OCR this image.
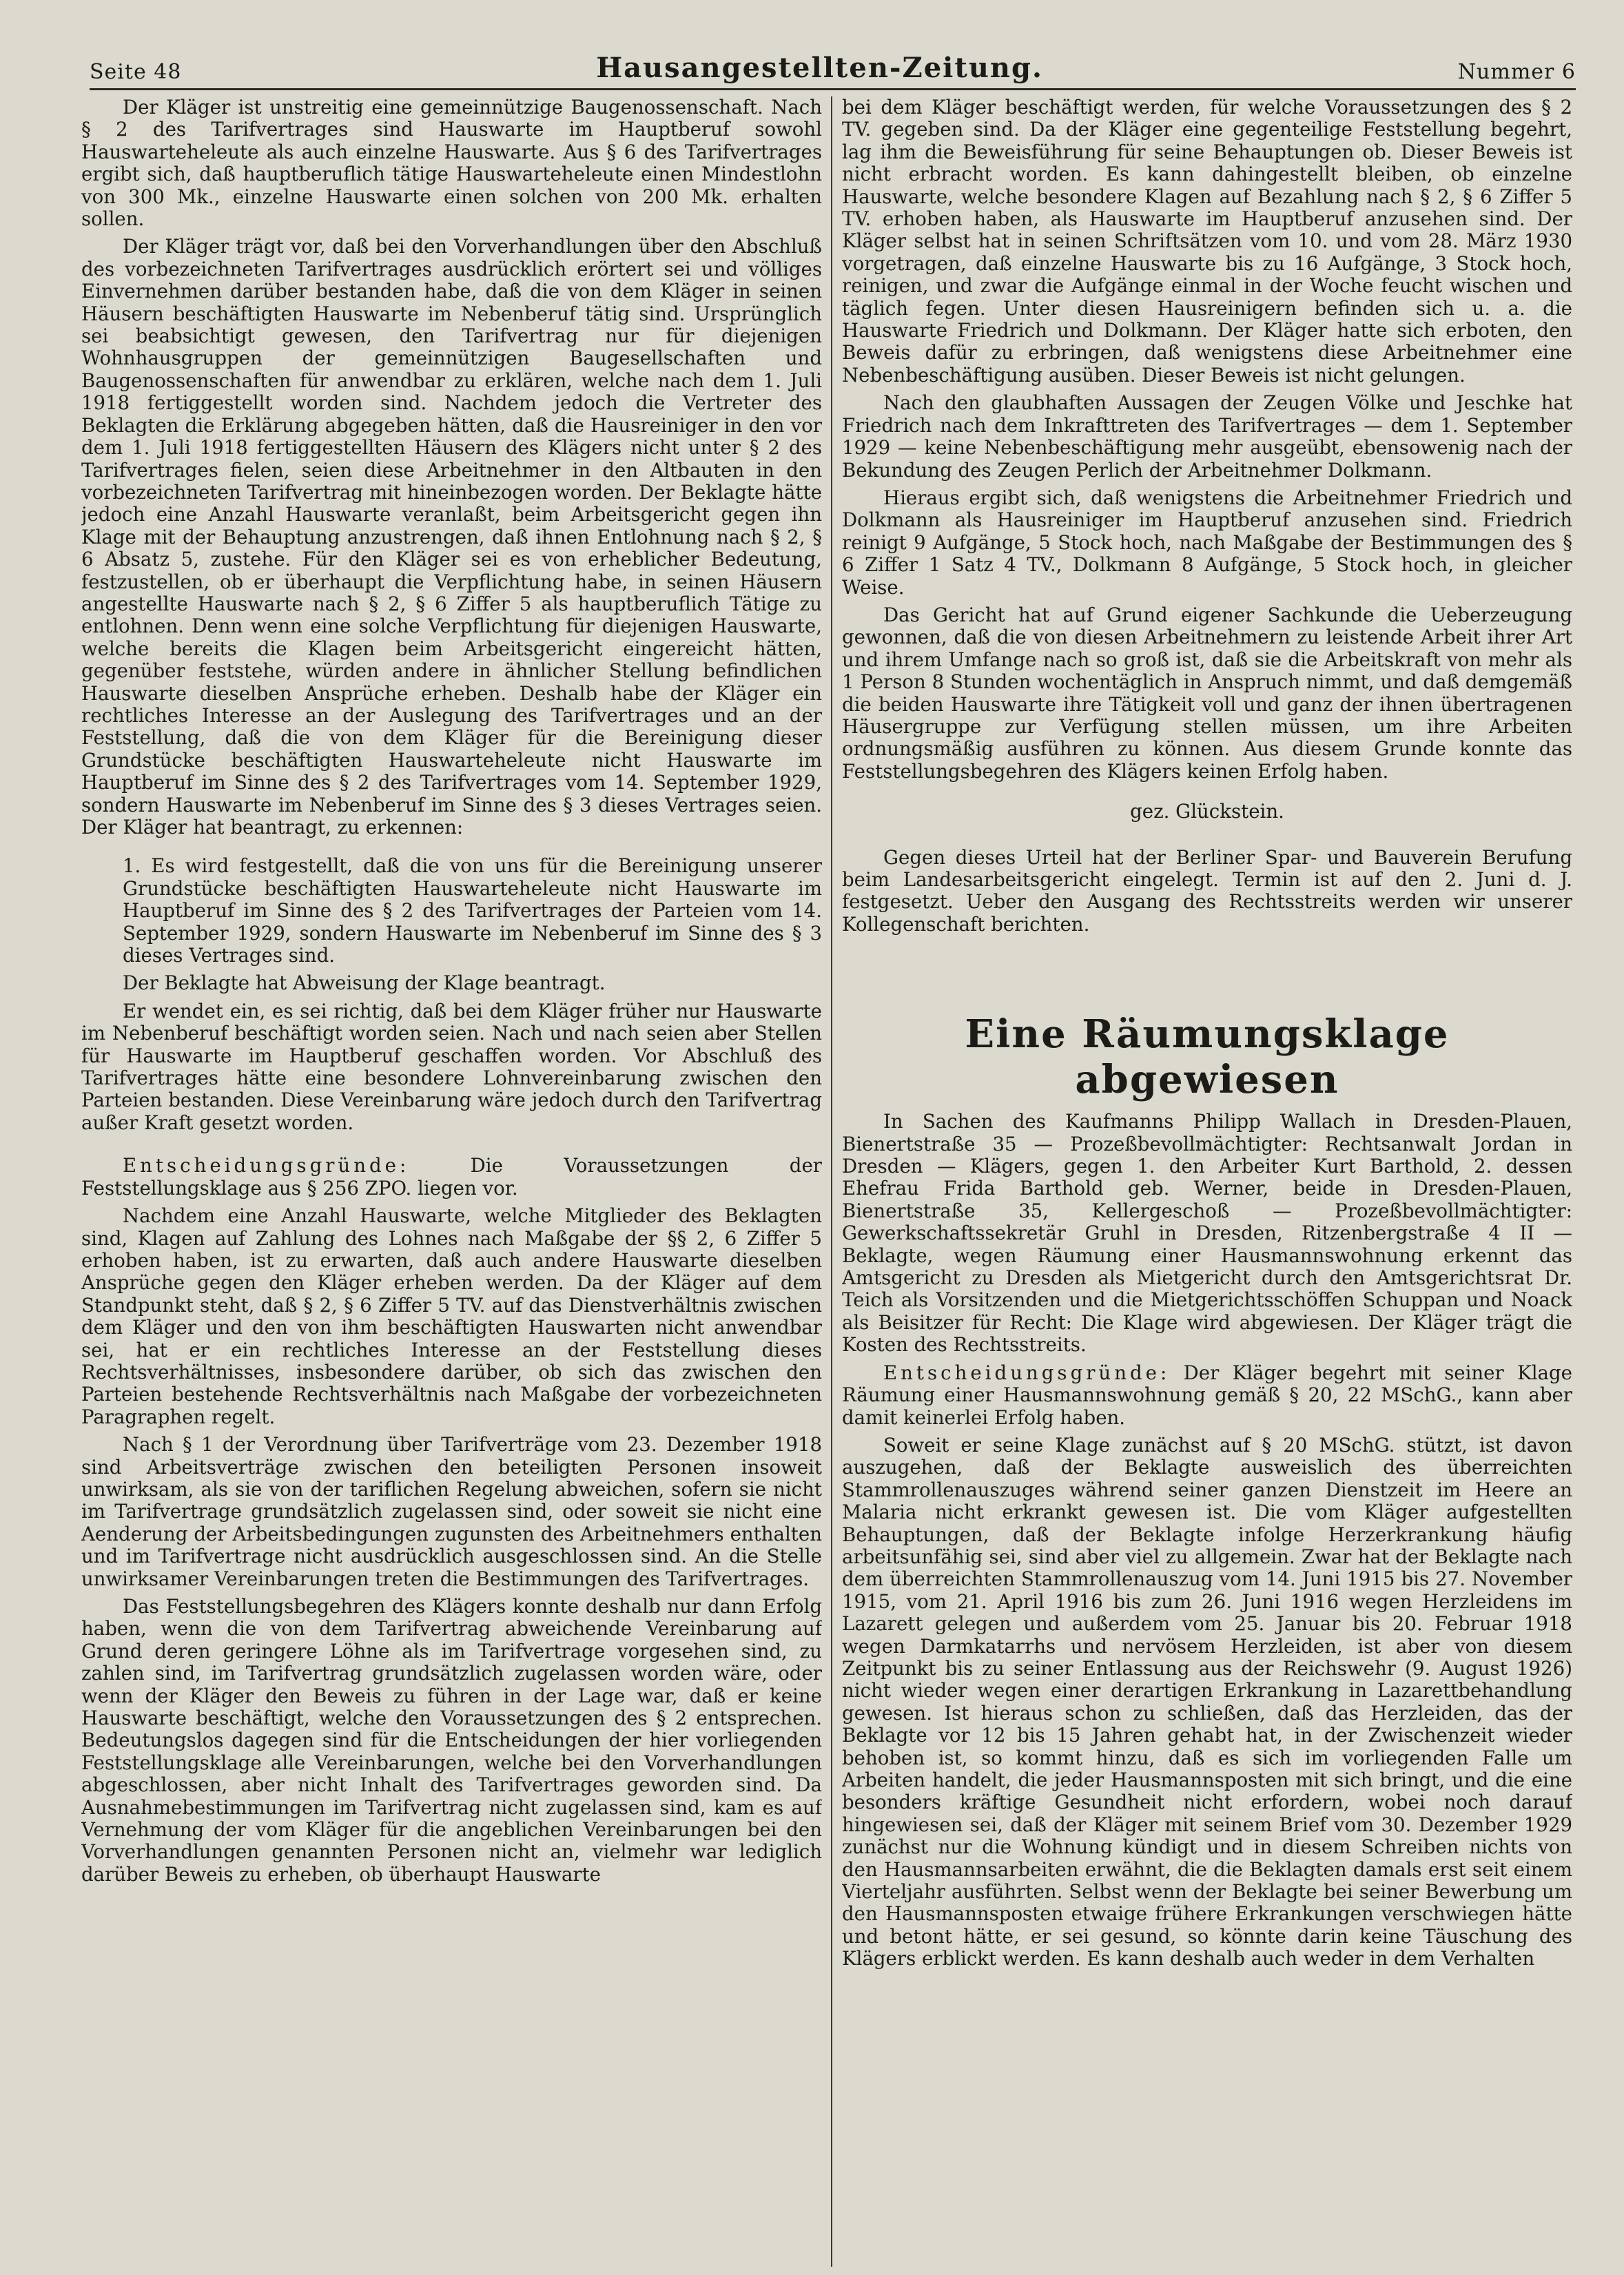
Seite 48	Hausangestellten-Zeitung.	Nummer 6

Der Kläger ist unstreitig eine gemeinnützige Baugenossenschaft. Nach § 2 des Tarifvertrages sind Hauswarte im Hauptberuf sowohl Hauswarteheleute als auch einzelne Hauswarte. Aus § 6 des Tarifvertrages ergibt sich, daß hauptberuflich tätige Hauswarteheleute einen Mindestlohn von 300 Mk., einzelne Hauswarte einen solchen von 200 Mk. erhalten sollen.

Der Kläger trägt vor, daß bei den Vorverhandlungen über den Abschluß des vorbezeichneten Tarifvertrages ausdrücklich erörtert sei und völliges Einvernehmen darüber bestanden habe, daß die von dem Kläger in seinen Häusern beschäftigten Hauswarte im Nebenberuf tätig sind. Ursprünglich sei beabsichtigt gewesen, den Tarifvertrag nur für diejenigen Wohnhausgruppen der gemeinnützigen Baugesellschaften und Baugenossenschaften für anwendbar zu erklären, welche nach dem 1. Juli 1918 fertiggestellt worden sind. Nachdem jedoch die Vertreter des Beklagten die Erklärung abgegeben hätten, daß die Hausreiniger in den vor dem 1. Juli 1918 fertiggestellten Häusern des Klägers nicht unter § 2 des Tarifvertrages fielen, seien diese Arbeitnehmer in den Altbauten in den vorbezeichneten Tarifvertrag mit hineinbezogen worden. Der Beklagte hätte jedoch eine Anzahl Hauswarte veranlaßt, beim Arbeitsgericht gegen ihn Klage mit der Behauptung anzustrengen, daß ihnen Entlohnung nach § 2, § 6 Absatz 5, zustehe. Für den Kläger sei es von erheblicher Bedeutung, festzustellen, ob er überhaupt die Verpflichtung habe, in seinen Häusern angestellte Hauswarte nach § 2, § 6 Ziffer 5 als hauptberuflich Tätige zu entlohnen. Denn wenn eine solche Verpflichtung für diejenigen Hauswarte, welche bereits die Klagen beim Arbeitsgericht eingereicht hätten, gegenüber feststehe, würden andere in ähnlicher Stellung befindlichen Hauswarte dieselben Ansprüche erheben. Deshalb habe der Kläger ein rechtliches Interesse an der Auslegung des Tarifvertrages und an der Feststellung, daß die von dem Kläger für die Bereinigung dieser Grundstücke beschäftigten Hauswarteheleute nicht Hauswarte im Hauptberuf im Sinne des § 2 des Tarifvertrages vom 14. September 1929, sondern Hauswarte im Nebenberuf im Sinne des § 3 dieses Vertrages seien. Der Kläger hat beantragt, zu erkennen:

1. Es wird festgestellt, daß die von uns für die Bereinigung unserer Grundstücke beschäftigten Hauswarteheleute nicht Hauswarte im Hauptberuf im Sinne des § 2 des Tarifvertrages der Parteien vom 14. September 1929, sondern Hauswarte im Nebenberuf im Sinne des § 3 dieses Vertrages sind.

Der Beklagte hat Abweisung der Klage beantragt.

Er wendet ein, es sei richtig, daß bei dem Kläger früher nur Hauswarte im Nebenberuf beschäftigt worden seien. Nach und nach seien aber Stellen für Hauswarte im Hauptberuf geschaffen worden. Vor Abschluß des Tarifvertrages hätte eine besondere Lohnvereinbarung zwischen den Parteien bestanden. Diese Vereinbarung wäre jedoch durch den Tarifvertrag außer Kraft gesetzt worden.

Entscheidungsgründe: Die Voraussetzungen der Feststellungsklage aus § 256 ZPO. liegen vor.

Nachdem eine Anzahl Hauswarte, welche Mitglieder des Beklagten sind, Klagen auf Zahlung des Lohnes nach Maßgabe der §§ 2, 6 Ziffer 5 erhoben haben, ist zu erwarten, daß auch andere Hauswarte dieselben Ansprüche gegen den Kläger erheben werden. Da der Kläger auf dem Standpunkt steht, daß § 2, § 6 Ziffer 5 TV. auf das Dienstverhältnis zwischen dem Kläger und den von ihm beschäftigten Hauswarten nicht anwendbar sei, hat er ein rechtliches Interesse an der Feststellung dieses Rechtsverhältnisses, insbesondere darüber, ob sich das zwischen den Parteien bestehende Rechtsverhältnis nach Maßgabe der vorbezeichneten Paragraphen regelt.

Nach § 1 der Verordnung über Tarifverträge vom 23. Dezember 1918 sind Arbeitsverträge zwischen den beteiligten Personen insoweit unwirksam, als sie von der tariflichen Regelung abweichen, sofern sie nicht im Tarifvertrage grundsätzlich zugelassen sind, oder soweit sie nicht eine Aenderung der Arbeitsbedingungen zugunsten des Arbeitnehmers enthalten und im Tarifvertrage nicht ausdrücklich ausgeschlossen sind. An die Stelle unwirksamer Vereinbarungen treten die Bestimmungen des Tarifvertrages.

Das Feststellungsbegehren des Klägers konnte deshalb nur dann Erfolg haben, wenn die von dem Tarifvertrag abweichende Vereinbarung auf Grund deren geringere Löhne als im Tarifvertrage vorgesehen sind, zu zahlen sind, im Tarifvertrag grundsätzlich zugelassen worden wäre, oder wenn der Kläger den Beweis zu führen in der Lage war, daß er keine Hauswarte beschäftigt, welche den Voraussetzungen des § 2 entsprechen. Bedeutungslos dagegen sind für die Entscheidungen der hier vorliegenden Feststellungsklage alle Vereinbarungen, welche bei den Vorverhandlungen abgeschlossen, aber nicht Inhalt des Tarifvertrages geworden sind. Da Ausnahmebestimmungen im Tarifvertrag nicht zugelassen sind, kam es auf Vernehmung der vom Kläger für die angeblichen Vereinbarungen bei den Vorverhandlungen genannten Personen nicht an, vielmehr war lediglich darüber Beweis zu erheben, ob überhaupt Hauswarte

bei dem Kläger beschäftigt werden, für welche Voraussetzungen des § 2 TV. gegeben sind. Da der Kläger eine gegenteilige Feststellung begehrt, lag ihm die Beweisführung für seine Behauptungen ob. Dieser Beweis ist nicht erbracht worden. Es kann dahingestellt bleiben, ob einzelne Hauswarte, welche besondere Klagen auf Bezahlung nach § 2, § 6 Ziffer 5 TV. erhoben haben, als Hauswarte im Hauptberuf anzusehen sind. Der Kläger selbst hat in seinen Schriftsätzen vom 10. und vom 28. März 1930 vorgetragen, daß einzelne Hauswarte bis zu 16 Aufgänge, 3 Stock hoch, reinigen, und zwar die Aufgänge einmal in der Woche feucht wischen und täglich fegen. Unter diesen Hausreinigern befinden sich u. a. die Hauswarte Friedrich und Dolkmann. Der Kläger hatte sich erboten, den Beweis dafür zu erbringen, daß wenigstens diese Arbeitnehmer eine Nebenbeschäftigung ausüben. Dieser Beweis ist nicht gelungen.

Nach den glaubhaften Aussagen der Zeugen Völke und Jeschke hat Friedrich nach dem Inkrafttreten des Tarifvertrages — dem 1. September 1929 — keine Nebenbeschäftigung mehr ausgeübt, ebensowenig nach der Bekundung des Zeugen Perlich der Arbeitnehmer Dolkmann.

Hieraus ergibt sich, daß wenigstens die Arbeitnehmer Friedrich und Dolkmann als Hausreiniger im Hauptberuf anzusehen sind. Friedrich reinigt 9 Aufgänge, 5 Stock hoch, nach Maßgabe der Bestimmungen des § 6 Ziffer 1 Satz 4 TV., Dolkmann 8 Aufgänge, 5 Stock hoch, in gleicher Weise.

Das Gericht hat auf Grund eigener Sachkunde die Ueberzeugung gewonnen, daß die von diesen Arbeitnehmern zu leistende Arbeit ihrer Art und ihrem Umfange nach so groß ist, daß sie die Arbeitskraft von mehr als 1 Person 8 Stunden wochentäglich in Anspruch nimmt, und daß demgemäß die beiden Hauswarte ihre Tätigkeit voll und ganz der ihnen übertragenen Häusergruppe zur Verfügung stellen müssen, um ihre Arbeiten ordnungsmäßig ausführen zu können. Aus diesem Grunde konnte das Feststellungsbegehren des Klägers keinen Erfolg haben.

gez. Glückstein.

Gegen dieses Urteil hat der Berliner Spar- und Bauverein Berufung beim Landesarbeitsgericht eingelegt. Termin ist auf den 2. Juni d. J. festgesetzt. Ueber den Ausgang des Rechtsstreits werden wir unserer Kollegenschaft berichten.

Eine Räumungsklage abgewiesen

In Sachen des Kaufmanns Philipp Wallach in Dresden-Plauen, Bienertstraße 35 — Prozeßbevollmächtigter: Rechtsanwalt Jordan in Dresden — Klägers, gegen 1. den Arbeiter Kurt Barthold, 2. dessen Ehefrau Frida Barthold geb. Werner, beide in Dresden-Plauen, Bienertstraße 35, Kellergeschoß — Prozeßbevollmächtigter: Gewerkschaftssekretär Gruhl in Dresden, Ritzenbergstraße 4 II — Beklagte, wegen Räumung einer Hausmannswohnung erkennt das Amtsgericht zu Dresden als Mietgericht durch den Amtsgerichtsrat Dr. Teich als Vorsitzenden und die Mietgerichtsschöffen Schuppan und Noack als Beisitzer für Recht: Die Klage wird abgewiesen. Der Kläger trägt die Kosten des Rechtsstreits.

Entscheidungsgründe: Der Kläger begehrt mit seiner Klage Räumung einer Hausmannswohnung gemäß § 20, 22 MSchG., kann aber damit keinerlei Erfolg haben.

Soweit er seine Klage zunächst auf § 20 MSchG. stützt, ist davon auszugehen, daß der Beklagte ausweislich des überreichten Stammrollenauszuges während seiner ganzen Dienstzeit im Heere an Malaria nicht erkrankt gewesen ist. Die vom Kläger aufgestellten Behauptungen, daß der Beklagte infolge Herzerkrankung häufig arbeitsunfähig sei, sind aber viel zu allgemein. Zwar hat der Beklagte nach dem überreichten Stammrollenauszug vom 14. Juni 1915 bis 27. November 1915, vom 21. April 1916 bis zum 26. Juni 1916 wegen Herzleidens im Lazarett gelegen und außerdem vom 25. Januar bis 20. Februar 1918 wegen Darmkatarrhs und nervösem Herzleiden, ist aber von diesem Zeitpunkt bis zu seiner Entlassung aus der Reichswehr (9. August 1926) nicht wieder wegen einer derartigen Erkrankung in Lazarettbehandlung gewesen. Ist hieraus schon zu schließen, daß das Herzleiden, das der Beklagte vor 12 bis 15 Jahren gehabt hat, in der Zwischenzeit wieder behoben ist, so kommt hinzu, daß es sich im vorliegenden Falle um Arbeiten handelt, die jeder Hausmannsposten mit sich bringt, und die eine besonders kräftige Gesundheit nicht erfordern, wobei noch darauf hingewiesen sei, daß der Kläger mit seinem Brief vom 30. Dezember 1929 zunächst nur die Wohnung kündigt und in diesem Schreiben nichts von den Hausmannsarbeiten erwähnt, die die Beklagten damals erst seit einem Vierteljahr ausführten. Selbst wenn der Beklagte bei seiner Bewerbung um den Hausmannsposten etwaige frühere Erkrankungen verschwiegen hätte und betont hätte, er sei gesund, so könnte darin keine Täuschung des Klägers erblickt werden. Es kann deshalb auch weder in dem Verhalten
